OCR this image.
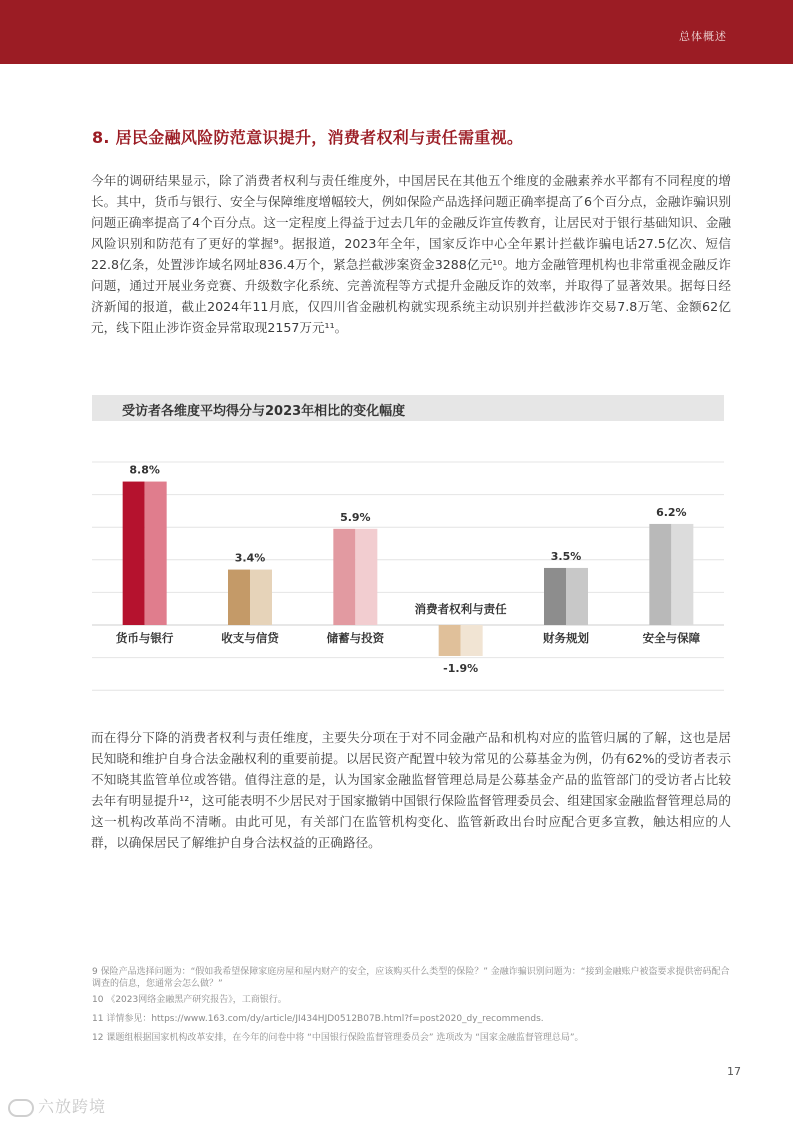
总体概述
8. 居民金融风险防范意识提升，消费者权利与责任需重视。

今年的调研结果显示，除了消费者权利与责任维度外，中国居民在其他五个维度的金融素养水平都有不同程度的增长。其中，货币与银行、安全与保障维度增幅较大，例如保险产品选择问题正确率提高了6个百分点，金融诈骗识别问题正确率提高了4个百分点。这一定程度上得益于过去几年的金融反诈宣传教育，让居民对于银行基础知识、金融风险识别和防范有了更好的掌握⁹。据报道，2023年全年，国家反诈中心全年累计拦截诈骗电话27.5亿次、短信22.8亿条，处置涉诈域名网址836.4万个，紧急拦截涉案资金3288亿元¹⁰。地方金融管理机构也非常重视金融反诈问题，通过开展业务竞赛、升级数字化系统、完善流程等方式提升金融反诈的效率，并取得了显著效果。据每日经济新闻的报道，截止2024年11月底，仅四川省金融机构就实现系统主动识别并拦截涉诈交易7.8万笔、金额62亿元，线下阻止涉诈资金异常取现2157万元¹¹。

受访者各维度平均得分与2023年相比的变化幅度
8.8%
货币与银行
3.4%
收支与信贷
5.9%
储蓄与投资
-1.9%
消费者权利与责任
3.5%
财务规划
6.2%
安全与保障

而在得分下降的消费者权利与责任维度，主要失分项在于对不同金融产品和机构对应的监管归属的了解，这也是居民知晓和维护自身合法金融权利的重要前提。以居民资产配置中较为常见的公募基金为例，仍有62%的受访者表示不知晓其监管单位或答错。值得注意的是，认为国家金融监督管理总局是公募基金产品的监管部门的受访者占比较去年有明显提升¹²，这可能表明不少居民对于国家撤销中国银行保险监督管理委员会、组建国家金融监督管理总局的这一机构改革尚不清晰。由此可见，有关部门在监管机构变化、监管新政出台时应配合更多宣教，触达相应的人群，以确保居民了解维护自身合法权益的正确路径。

9 保险产品选择问题为：“假如我希望保障家庭房屋和屋内财产的安全，应该购买什么类型的保险？” 金融诈骗识别问题为：“接到金融账户被盗要求提供密码配合调查的信息，您通常会怎么做？”
10 《2023网络金融黑产研究报告》，工商银行。
11 详情参见：https://www.163.com/dy/article/JI434HJD0512B07B.html?f=post2020_dy_recommends.
12 课题组根据国家机构改革安排，在今年的问卷中将 “中国银行保险监督管理委员会” 选项改为 “国家金融监督管理总局”。
17
六放跨境
